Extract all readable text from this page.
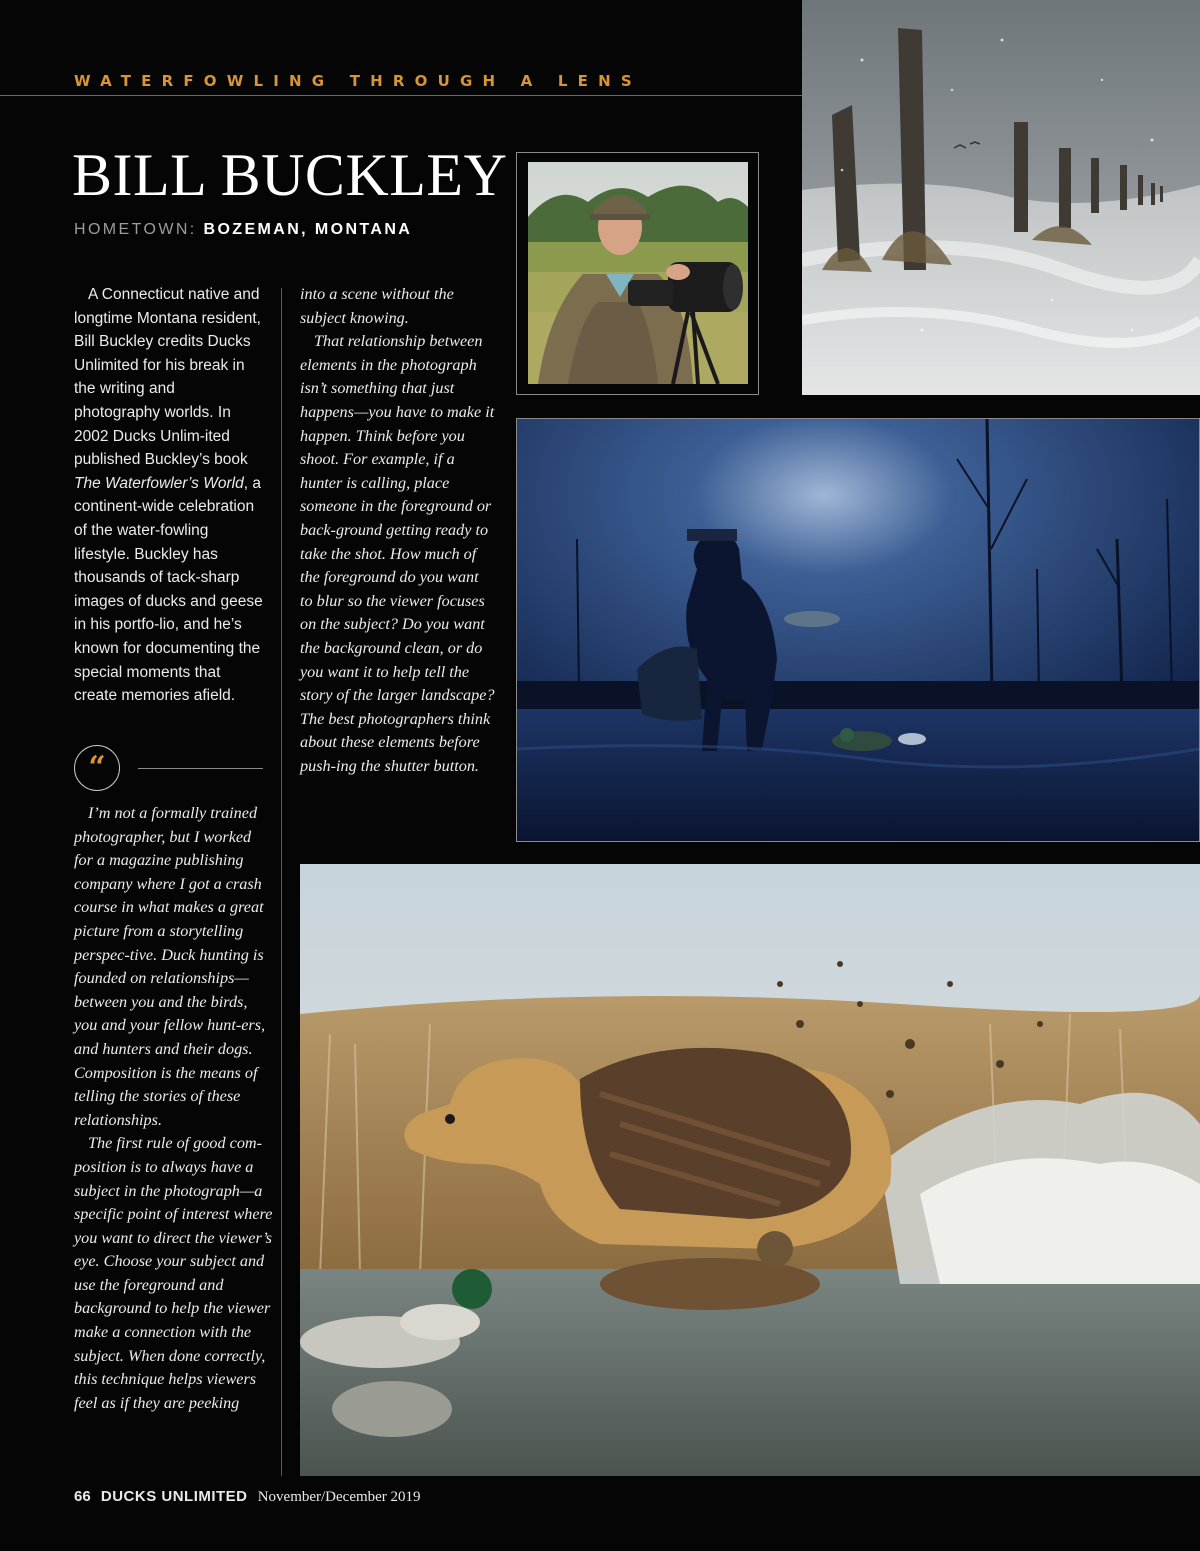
WATERFOWLING THROUGH A LENS
BILL BUCKLEY
HOMETOWN: BOZEMAN, MONTANA

A Connecticut native and longtime Montana resident, Bill Buckley credits Ducks Unlimited for his break in the writing and photography worlds. In 2002 Ducks Unlim-ited published Buckley’s book The Waterfowler’s World, a continent-wide celebration of the water-fowling lifestyle. Buckley has thousands of tack-sharp images of ducks and geese in his portfo-lio, and he’s known for documenting the special moments that create memories afield.

“

I’m not a formally trained photographer, but I worked for a magazine publishing company where I got a crash course in what makes a great picture from a storytelling perspec-tive. Duck hunting is founded on relationships—between you and the birds, you and your fellow hunt-ers, and hunters and their dogs. Composition is the means of telling the stories of these relationships.

The first rule of good com-position is to always have a subject in the photograph—a specific point of interest where you want to direct the viewer’s eye. Choose your subject and use the foreground and background to help the viewer make a connection with the subject. When done correctly, this technique helps viewers feel as if they are peeking

into a scene without the subject knowing.

That relationship between elements in the photograph isn’t something that just happens—you have to make it happen. Think before you shoot. For example, if a hunter is calling, place someone in the foreground or back-ground getting ready to take the shot. How much of the foreground do you want to blur so the viewer focuses on the subject? Do you want the background clean, or do you want it to help tell the story of the larger landscape? The best photographers think about these elements before push-ing the shutter button.

66 DUCKS UNLIMITED November/December 2019
